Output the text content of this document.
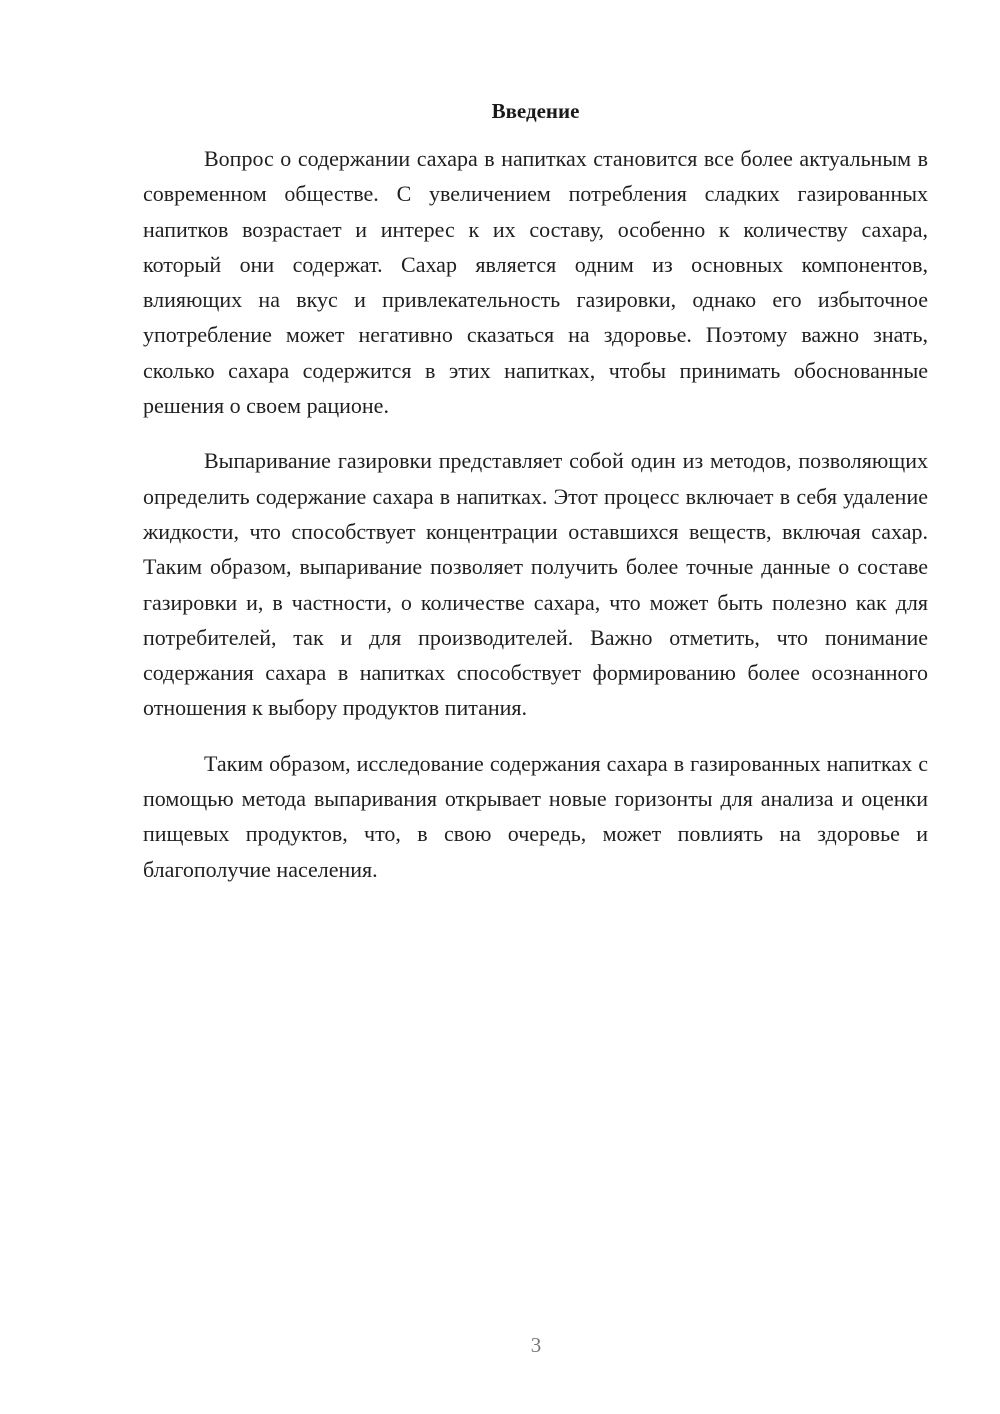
Введение

Вопрос о содержании сахара в напитках становится все более актуальным в современном обществе. С увеличением потребления сладких газированных напитков возрастает и интерес к их составу, особенно к количеству сахара, который они содержат. Сахар является одним из основных компонентов, влияющих на вкус и привлекательность газировки, однако его избыточное употребление может негативно сказаться на здоровье. Поэтому важно знать, сколько сахара содержится в этих напитках, чтобы принимать обоснованные решения о своем рационе.

Выпаривание газировки представляет собой один из методов, позволяющих определить содержание сахара в напитках. Этот процесс включает в себя удаление жидкости, что способствует концентрации оставшихся веществ, включая сахар. Таким образом, выпаривание позволяет получить более точные данные о составе газировки и, в частности, о количестве сахара, что может быть полезно как для потребителей, так и для производителей. Важно отметить, что понимание содержания сахара в напитках способствует формированию более осознанного отношения к выбору продуктов питания.

Таким образом, исследование содержания сахара в газированных напитках с помощью метода выпаривания открывает новые горизонты для анализа и оценки пищевых продуктов, что, в свою очередь, может повлиять на здоровье и благополучие населения.

3
